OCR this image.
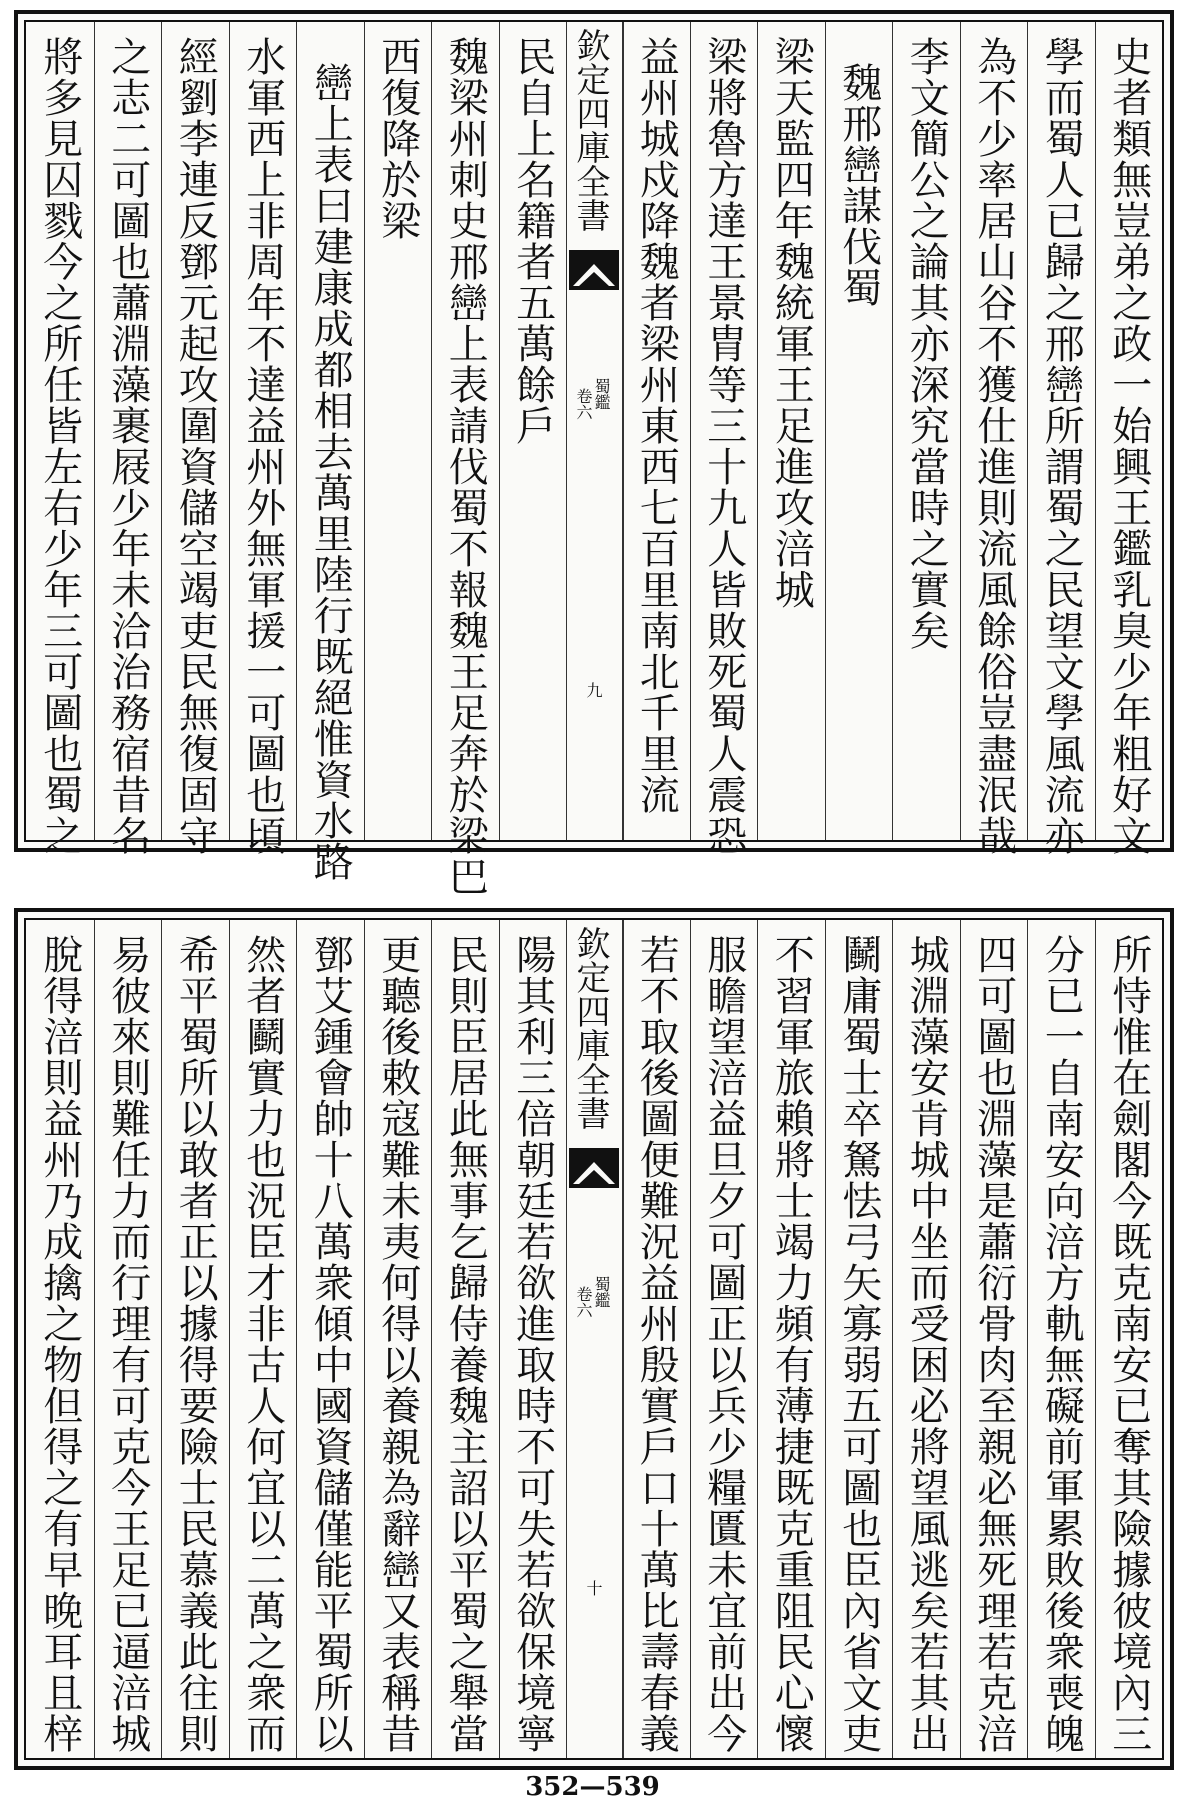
史者類無豈弟之政一始興王鑑乳臭少年粗好文
學而蜀人已歸之邢巒所謂蜀之民望文學風流亦
為不少率居山谷不獲仕進則流風餘俗豈盡泯哉
李文簡公之論其亦深究當時之實矣
魏邢巒謀伐蜀
梁天監四年魏統軍王足進攻涪城
梁將魯方達王景胄等三十九人皆敗死蜀人震恐
益州城戍降魏者梁州東西七百里南北千里流
欽定四庫全書
蜀鑑
卷六
九
民自上名籍者五萬餘戶
魏梁州刺史邢巒上表請伐蜀不報魏王足奔於梁巴
西復降於梁
巒上表曰建康成都相去萬里陸行既絕惟資水路
水軍西上非周年不達益州外無軍援一可圖也頃
經劉李連反鄧元起攻圍資儲空竭吏民無復固守
之志二可圖也蕭淵藻裹屐少年未洽治務宿昔名
將多見囚戮今之所任皆左右少年三可圖也蜀之
所恃惟在劍閣今既克南安已奪其險據彼境內三
分已一自南安向涪方軌無礙前軍累敗後衆喪魄
四可圖也淵藻是蕭衍骨肉至親必無死理若克涪
城淵藻安肯城中坐而受困必將望風逃矣若其出
鬭庸蜀士卒駑怯弓矢寡弱五可圖也臣內省文吏
不習軍旅賴將士竭力頻有薄捷既克重阻民心懷
服瞻望涪益旦夕可圖正以兵少糧匱未宜前出今
若不取後圖便難況益州殷實戶口十萬比壽春義
欽定四庫全書
蜀鑑
卷六
十
陽其利三倍朝廷若欲進取時不可失若欲保境寧
民則臣居此無事乞歸侍養魏主詔以平蜀之舉當
更聽後敕寇難未夷何得以養親為辭巒又表稱昔
鄧艾鍾會帥十八萬衆傾中國資儲僅能平蜀所以
然者鬬實力也況臣才非古人何宜以二萬之衆而
希平蜀所以敢者正以據得要險士民慕義此往則
易彼來則難任力而行理有可克今王足已逼涪城
脫得涪則益州乃成擒之物但得之有早晚耳且梓
352—539
